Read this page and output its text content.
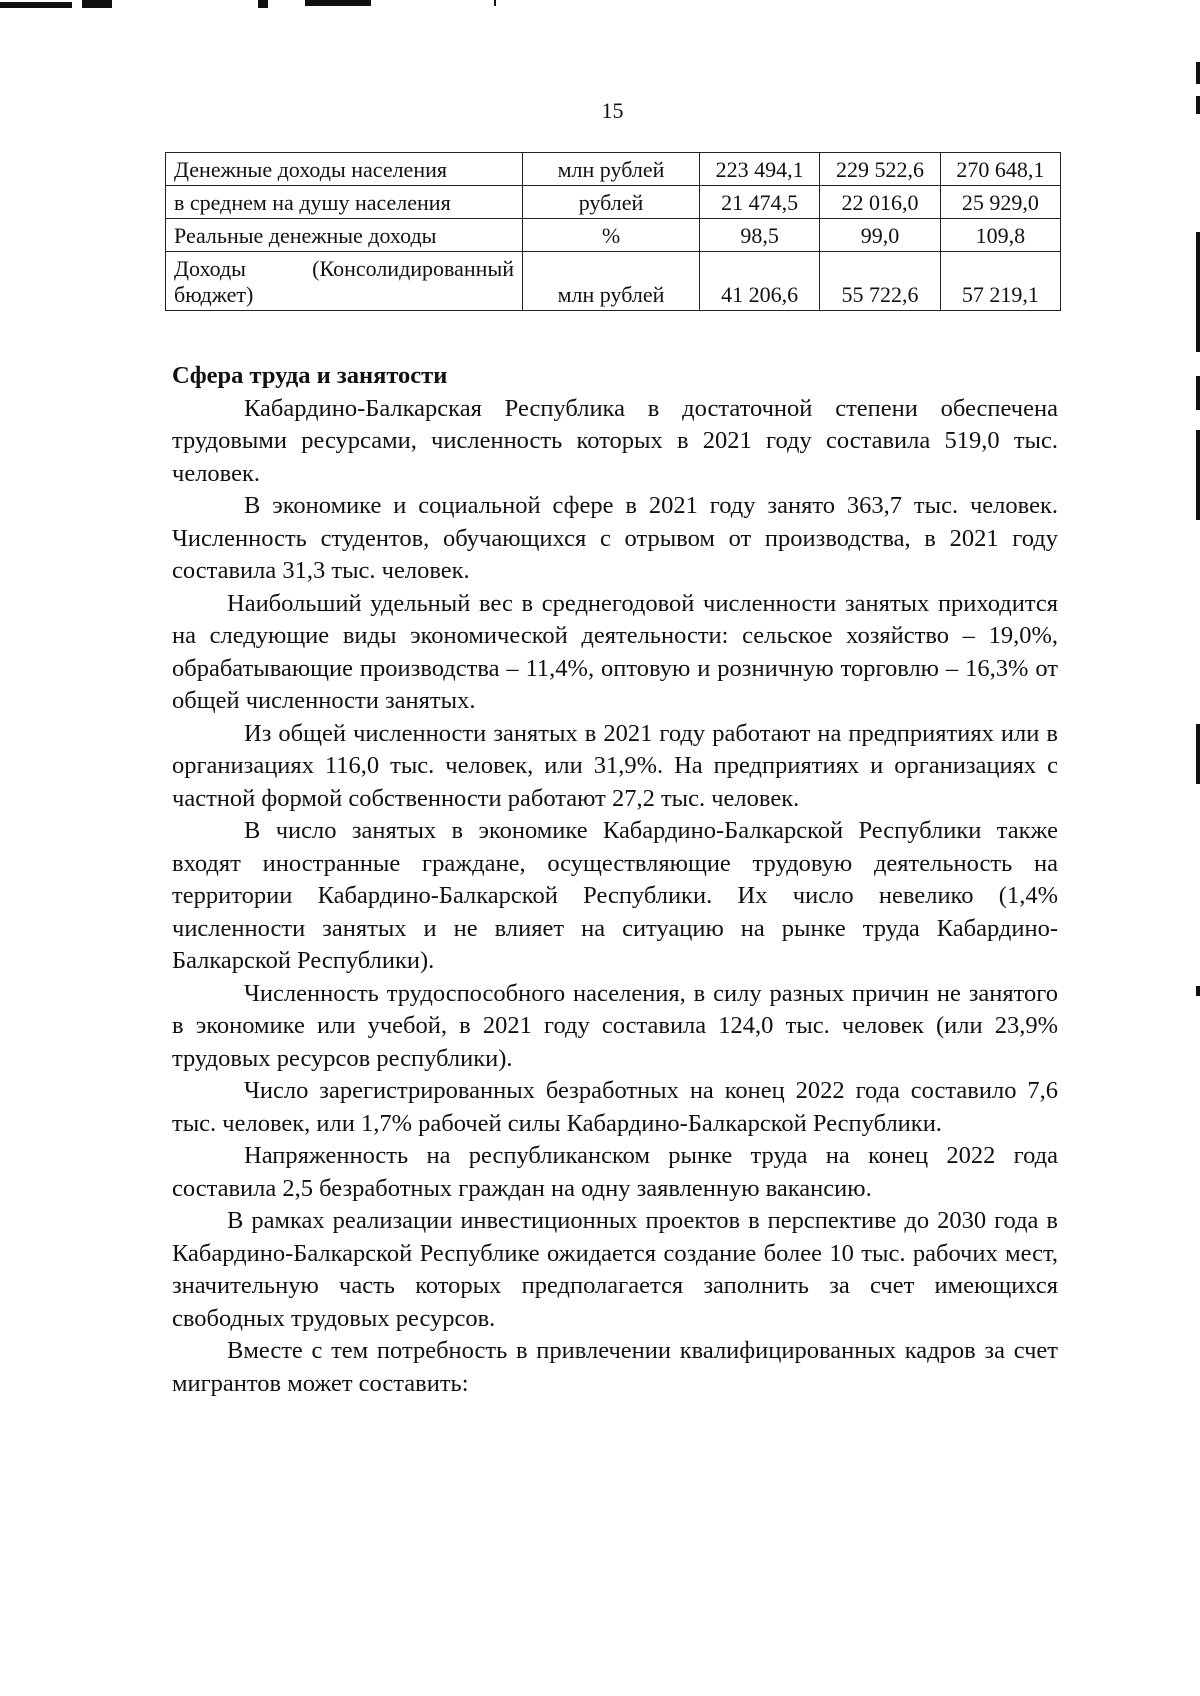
15
Денежные доходы населения	млн рублей	223 494,1	229 522,6	270 648,1
в среднем на душу населения	рублей	21 474,5	22 016,0	25 929,0
Реальные денежные доходы	%	98,5	99,0	109,8

Доходы (Консолидированный
бюджет)	млн рублей	41 206,6	55 722,6	57 219,1

Сфера труда и занятости

Кабардино-Балкарская Республика в достаточной степени обеспечена трудовыми ресурсами, численность которых в 2021 году составила 519,0 тыс. человек.

В экономике и социальной сфере в 2021 году занято 363,7 тыс. человек. Численность студентов, обучающихся с отрывом от производства, в 2021 году составила 31,3 тыс. человек.

Наибольший удельный вес в среднегодовой численности занятых приходится на следующие виды экономической деятельности: сельское хозяйство – 19,0%, обрабатывающие производства – 11,4%, оптовую и розничную торговлю – 16,3% от общей численности занятых.

Из общей численности занятых в 2021 году работают на предприятиях или в организациях 116,0 тыс. человек, или 31,9%. На предприятиях и организациях с частной формой собственности работают 27,2 тыс. человек.

В число занятых в экономике Кабардино-Балкарской Республики также входят иностранные граждане, осуществляющие трудовую деятельность на территории Кабардино-Балкарской Республики. Их число невелико (1,4% численности занятых и не влияет на ситуацию на рынке труда Кабардино-Балкарской Республики).

Численность трудоспособного населения, в силу разных причин не занятого в экономике или учебой, в 2021 году составила 124,0 тыс. человек (или 23,9% трудовых ресурсов республики).

Число зарегистрированных безработных на конец 2022 года составило 7,6 тыс. человек, или 1,7% рабочей силы Кабардино-Балкарской Республики.

Напряженность на республиканском рынке труда на конец 2022 года составила 2,5 безработных граждан на одну заявленную вакансию.

В рамках реализации инвестиционных проектов в перспективе до 2030 года в Кабардино-Балкарской Республике ожидается создание более 10 тыс. рабочих мест, значительную часть которых предполагается заполнить за счет имеющихся свободных трудовых ресурсов.

Вместе с тем потребность в привлечении квалифицированных кадров за счет мигрантов может составить:
